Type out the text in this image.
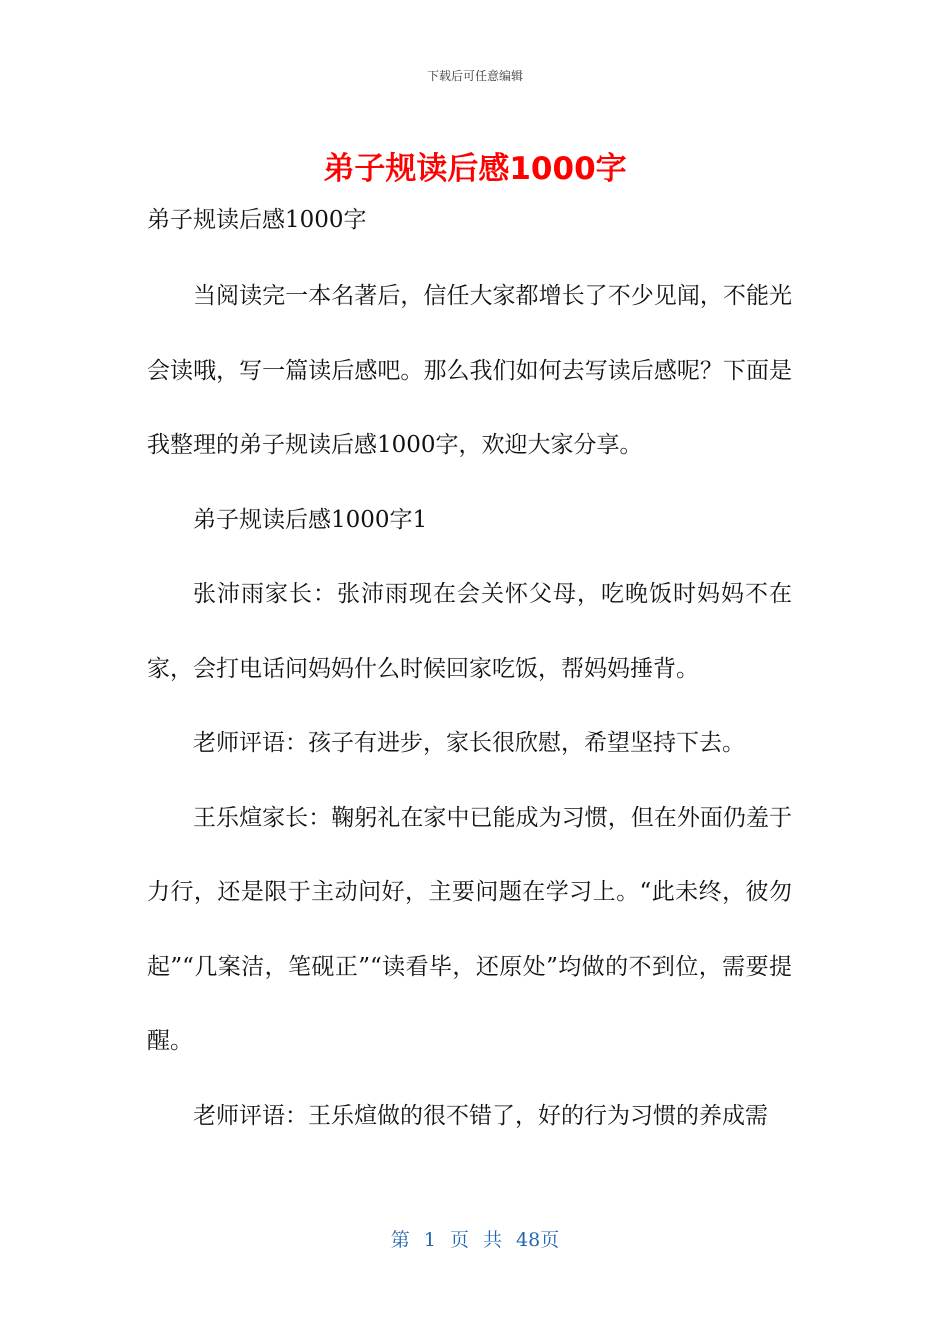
下载后可任意编辑
弟子规读后感1000字

弟子规读后感1000字

当阅读完一本名著后，信任大家都增长了不少见闻，不能光会读哦，写一篇读后感吧。那么我们如何去写读后感呢？下面是我整理的弟子规读后感1000字，欢迎大家分享。

弟子规读后感1000字1

张沛雨家长：张沛雨现在会关怀父母，吃晚饭时妈妈不在家，会打电话问妈妈什么时候回家吃饭，帮妈妈捶背。

老师评语：孩子有进步，家长很欣慰，希望坚持下去。

王乐煊家长：鞠躬礼在家中已能成为习惯，但在外面仍羞于力行，还是限于主动问好，主要问题在学习上。“此未终，彼勿起”“几案洁，笔砚正”“读看毕，还原处”均做的不到位，需要提醒。

老师评语：王乐煊做的很不错了，好的行为习惯的养成需

第 1 页 共 48页
